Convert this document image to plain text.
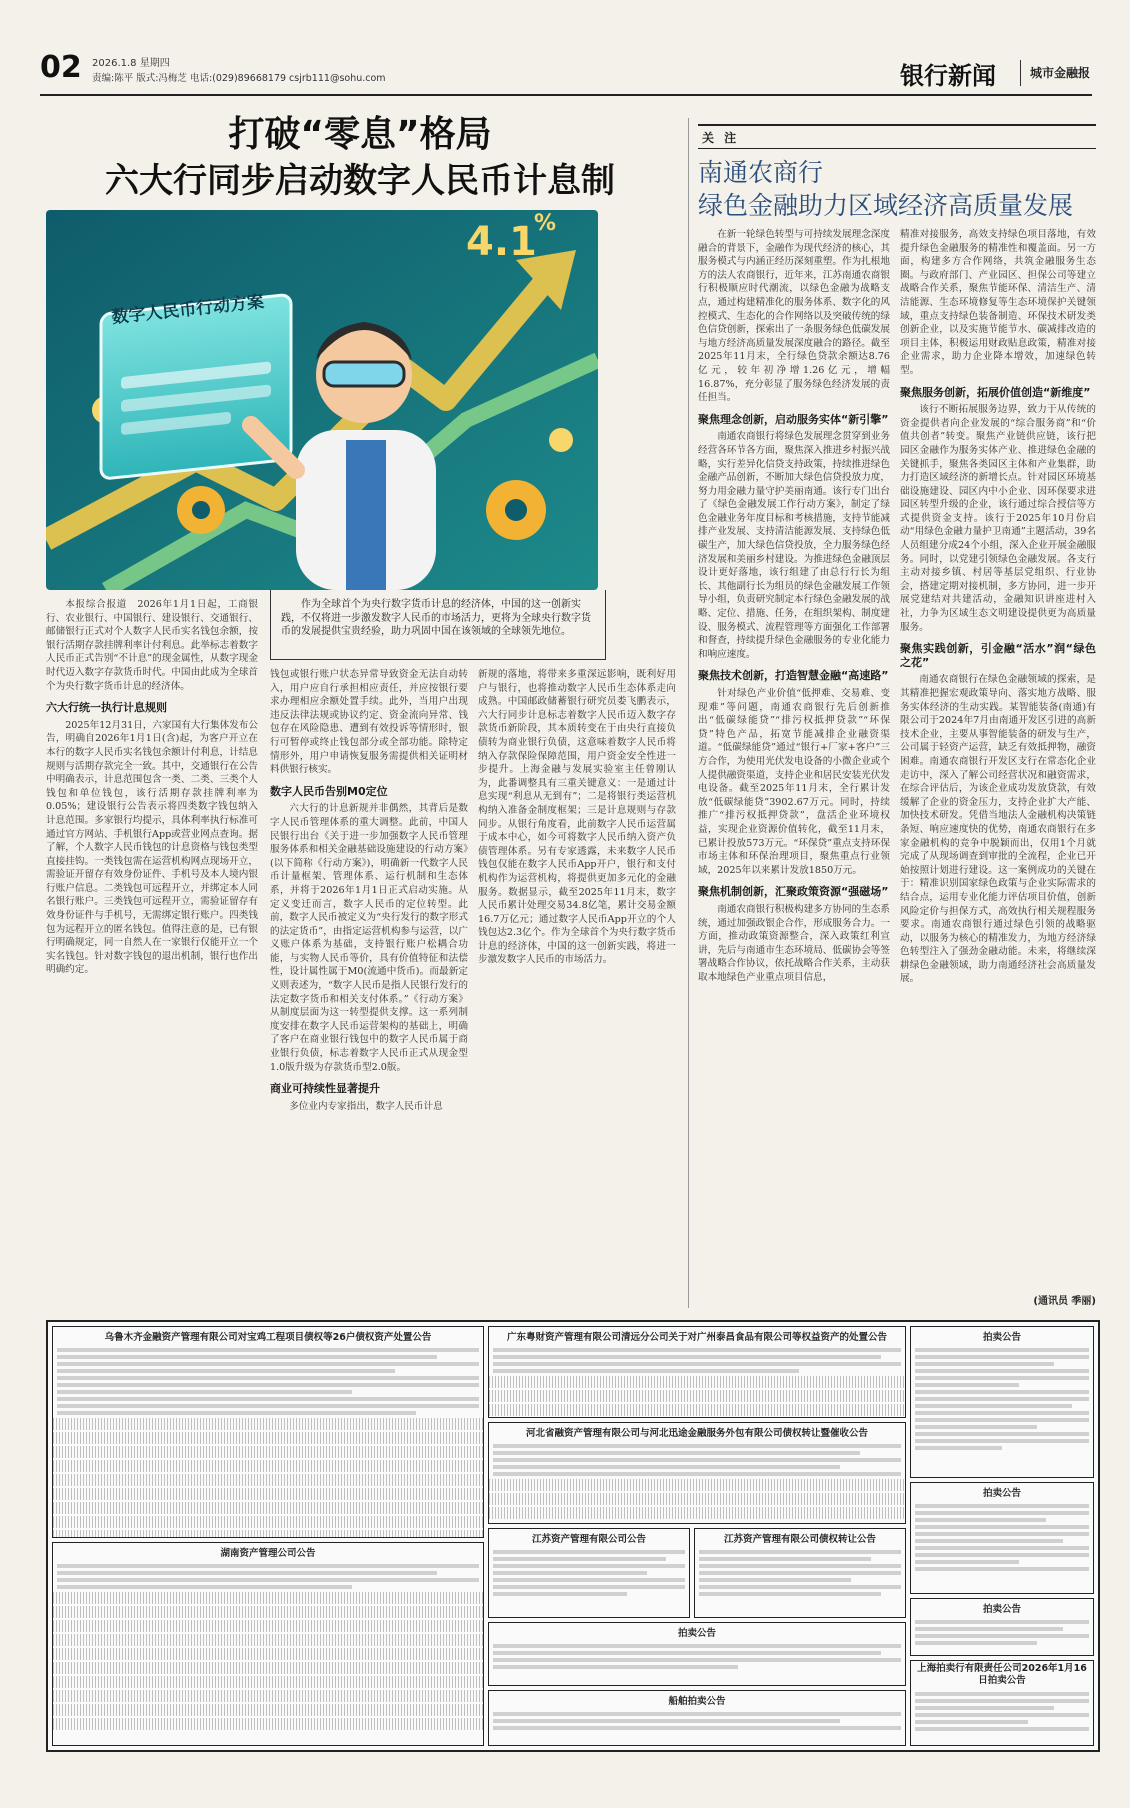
02 2026.1.8 星期四
责编:陈平 版式:冯梅芝 电话:(029)89668179 csjrb111@sohu.com	银行新闻	城市金融报
打破“零息”格局
六大行同步启动数字人民币计息制
4.1
%
数字人民币行动方案
作为全球首个为央行数字货币计息的经济体，中国的这一创新实践，不仅将进一步激发数字人民币的市场活力，更将为全球央行数字货币的发展提供宝贵经验，助力巩固中国在该领域的全球领先地位。

本报综合报道　2026年1月1日起，工商银行、农业银行、中国银行、建设银行、交通银行、邮储银行正式对个人数字人民币实名钱包余额，按银行活期存款挂牌利率计付利息。此举标志着数字人民币正式告别“不计息”的现金属性，从数字现金时代迈入数字存款货币时代。中国由此成为全球首个为央行数字货币计息的经济体。

六大行统一执行计息规则

2025年12月31日，六家国有大行集体发布公告，明确自2026年1月1日(含)起，为客户开立在本行的数字人民币实名钱包余额计付利息，计结息规则与活期存款完全一致。其中，交通银行在公告中明确表示，计息范围包含一类、二类、三类个人钱包和单位钱包，该行活期存款挂牌利率为0.05%；建设银行公告表示将四类数字钱包纳入计息范围。多家银行均提示，具体利率执行标准可通过官方网站、手机银行App或营业网点查询。据了解，个人数字人民币钱包的计息资格与钱包类型直接挂钩。一类钱包需在运营机构网点现场开立，需验证开留存有效身份证件、手机号及本人境内银行账户信息。二类钱包可远程开立，并绑定本人同名银行账户。三类钱包可远程开立，需验证留存有效身份证件与手机号，无需绑定银行账户。四类钱包为远程开立的匿名钱包。值得注意的是，已有银行明确规定，同一自然人在一家银行仅能开立一个实名钱包。针对数字钱包的退出机制，银行也作出明确约定。

钱包或银行账户状态异常导致资金无法自动转入，用户应自行承担相应责任，并应按银行要求办理相应余额处置手续。此外，当用户出现违反法律法规或协议约定、资金流向异常、钱包存在风险隐患、遭到有效投诉等情形时，银行可暂停或终止钱包部分或全部功能。除特定情形外，用户申请恢复服务需提供相关证明材料供银行核实。

数字人民币告别M0定位

六大行的计息新规并非偶然，其背后是数字人民币管理体系的重大调整。此前，中国人民银行出台《关于进一步加强数字人民币管理服务体系和相关金融基础设施建设的行动方案》(以下简称《行动方案》)，明确新一代数字人民币计量框架、管理体系、运行机制和生态体系，并将于2026年1月1日正式启动实施。从定义变迁而言，数字人民币的定位转型。此前，数字人民币被定义为“央行发行的数字形式的法定货币”，由指定运营机构参与运营，以广义账户体系为基础，支持银行账户松耦合功能，与实物人民币等价，具有价值特征和法偿性，设计属性属于M0(流通中货币)。而最新定义则表述为，“数字人民币是指人民银行发行的法定数字货币和相关支付体系。”《行动方案》从制度层面为这一转型提供支撑。这一系列制度安排在数字人民币运营架构的基础上，明确了客户在商业银行钱包中的数字人民币属于商业银行负债，标志着数字人民币正式从现金型1.0版升级为存款货币型2.0版。

商业可持续性显著提升

多位业内专家指出，数字人民币计息

新规的落地，将带来多重深远影响，既利好用户与银行，也将推动数字人民币生态体系走向成熟。中国邮政储蓄银行研究员娄飞鹏表示，六大行同步计息标志着数字人民币迈入数字存款货币新阶段，其本质转变在于由央行直接负债转为商业银行负债，这意味着数字人民币将纳入存款保险保障范围，用户资金安全性进一步提升。上海金融与发展实验室主任曾刚认为，此番调整具有三重关键意义：一是通过计息实现“利息从无到有”；二是将银行类运营机构纳入准备金制度框架；三是计息规则与存款同步。从银行角度看，此前数字人民币运营属于成本中心，如今可将数字人民币纳入资产负债管理体系。另有专家透露，未来数字人民币钱包仅能在数字人民币App开户，银行和支付机构作为运营机构，将提供更加多元化的金融服务。数据显示，截至2025年11月末，数字人民币累计处理交易34.8亿笔，累计交易金额16.7万亿元；通过数字人民币App开立的个人钱包达2.3亿个。作为全球首个为央行数字货币计息的经济体，中国的这一创新实践，将进一步激发数字人民币的市场活力。

关 注
南通农商行
绿色金融助力区域经济高质量发展

在新一轮绿色转型与可持续发展理念深度融合的背景下，金融作为现代经济的核心，其服务模式与内涵正经历深刻重塑。作为扎根地方的法人农商银行，近年来，江苏南通农商银行积极顺应时代潮流，以绿色金融为战略支点，通过构建精准化的服务体系、数字化的风控模式、生态化的合作网络以及突破传统的绿色信贷创新，探索出了一条服务绿色低碳发展与地方经济高质量发展深度融合的路径。截至2025年11月末，全行绿色贷款余额达8.76亿元，较年初净增1.26亿元，增幅16.87%，充分彰显了服务绿色经济发展的责任担当。

聚焦理念创新，启动服务实体“新引擎”

南通农商银行将绿色发展理念贯穿到业务经营各环节各方面，聚焦深入推进乡村振兴战略，实行差异化信贷支持政策，持续推进绿色金融产品创新，不断加大绿色信贷投放力度，努力用金融力量守护美丽南通。该行专门出台了《绿色金融发展工作行动方案》，制定了绿色金融业务年度目标和考核措施，支持节能减排产业发展、支持清洁能源发展、支持绿色低碳生产，加大绿色信贷投放，全力服务绿色经济发展和美丽乡村建设。为推进绿色金融顶层设计更好落地，该行组建了由总行行长为组长、其他副行长为组员的绿色金融发展工作领导小组，负责研究制定本行绿色金融发展的战略、定位、措施、任务，在组织架构、制度建设、服务模式、流程管理等方面强化工作部署和督查，持续提升绿色金融服务的专业化能力和响应速度。

聚焦技术创新，打造智慧金融“高速路”

针对绿色产业价值“低押难、交易难、变现难”等问题，南通农商银行先后创新推出“低碳绿能贷”“排污权抵押贷款”“环保贷”特色产品，拓宽节能减排企业融资渠道。“低碳绿能贷”通过“银行+厂家+客户”三方合作，为使用光伏发电设备的小微企业或个人提供融资渠道，支持企业和居民安装光伏发电设备。截至2025年11月末，全行累计发放“低碳绿能贷”3902.67万元。同时，持续推广“排污权抵押贷款”，盘活企业环境权益，实现企业资源价值转化，截至11月末，已累计投放573万元。“环保贷”重点支持环保市场主体和环保治理项目，聚焦重点行业领域，2025年以来累计发放1850万元。

聚焦机制创新，汇聚政策资源“强磁场”

南通农商银行积极构建多方协同的生态系统，通过加强政银企合作，形成服务合力。一方面，推动政策资源整合，深入政策红利宣讲，先后与南通市生态环境局、低碳协会等签署战略合作协议，依托战略合作关系，主动获取本地绿色产业重点项目信息，

精准对接服务，高效支持绿色项目落地，有效提升绿色金融服务的精准性和覆盖面。另一方面，构建多方合作网络，共筑金融服务生态圈。与政府部门、产业园区、担保公司等建立战略合作关系，聚焦节能环保、清洁生产、清洁能源、生态环境修复等生态环境保护关键领域，重点支持绿色装备制造、环保技术研发类创新企业，以及实施节能节水、碳减排改造的项目主体，积极运用财政贴息政策，精准对接企业需求，助力企业降本增效，加速绿色转型。

聚焦服务创新，拓展价值创造“新维度”

该行不断拓展服务边界，致力于从传统的资金提供者向企业发展的“综合服务商”和“价值共创者”转变。聚焦产业链供应链，该行把园区金融作为服务实体产业、推进绿色金融的关键抓手，聚焦各类园区主体和产业集群，助力打造区域经济的新增长点。针对园区环境基础设施建设、园区内中小企业、因环保要求进园区转型升级的企业，该行通过综合授信等方式提供资金支持。该行于2025年10月份启动“用绿色金融力量护卫南通”主题活动，39名人员组建分成24个小组，深入企业开展金融服务。同时，以党建引领绿色金融发展。各支行主动对接乡镇、村居等基层党组织、行业协会，搭建定期对接机制，多方协同，进一步开展党建结对共建活动，金融知识讲座进村入社，力争为区域生态文明建设提供更为高质量服务。

聚焦实践创新，引金融“活水”润“绿色之花”

南通农商银行在绿色金融领域的探索，是其精准把握宏观政策导向、落实地方战略、服务实体经济的生动实践。某智能装备(南通)有限公司于2024年7月由南通开发区引进的高新技术企业，主要从事智能装备的研发与生产，公司属于轻资产运营，缺乏有效抵押物，融资困难。南通农商银行开发区支行在常态化企业走访中，深入了解公司经营状况和融资需求，在综合评估后，为该企业成功发放贷款，有效缓解了企业的资金压力，支持企业扩大产能、加快技术研发。凭借当地法人金融机构决策链条短、响应速度快的优势，南通农商银行在多家金融机构的竞争中脱颖而出，仅用1个月就完成了从现场调查到审批的全流程，企业已开始按照计划进行建设。这一案例成功的关键在于：精准识别国家绿色政策与企业实际需求的结合点，运用专业化能力评估项目价值，创新风险定价与担保方式，高效执行相关规程服务要求。南通农商银行通过绿色引领的战略驱动，以服务为核心的精准发力，为地方经济绿色转型注入了强劲金融动能。未来，将继续深耕绿色金融领域，助力南通经济社会高质量发展。

(通讯员 季丽)
乌鲁木齐金融资产管理有限公司对宝鸡工程项目债权等26户债权资产处置公告	广东粤财资产管理有限公司清远分公司关于对广州泰昌食品有限公司等权益资产的处置公告	拍卖公告
河北省融资产管理有限公司与河北迅途金融服务外包有限公司债权转让暨催收公告
拍卖公告
拍卖公告
上海拍卖行有限责任公司2026年1月16日拍卖公告
江苏资产管理有限公司公告	江苏资产管理有限公司债权转让公告
湖南资产管理公司公告
拍卖公告
船舶拍卖公告
